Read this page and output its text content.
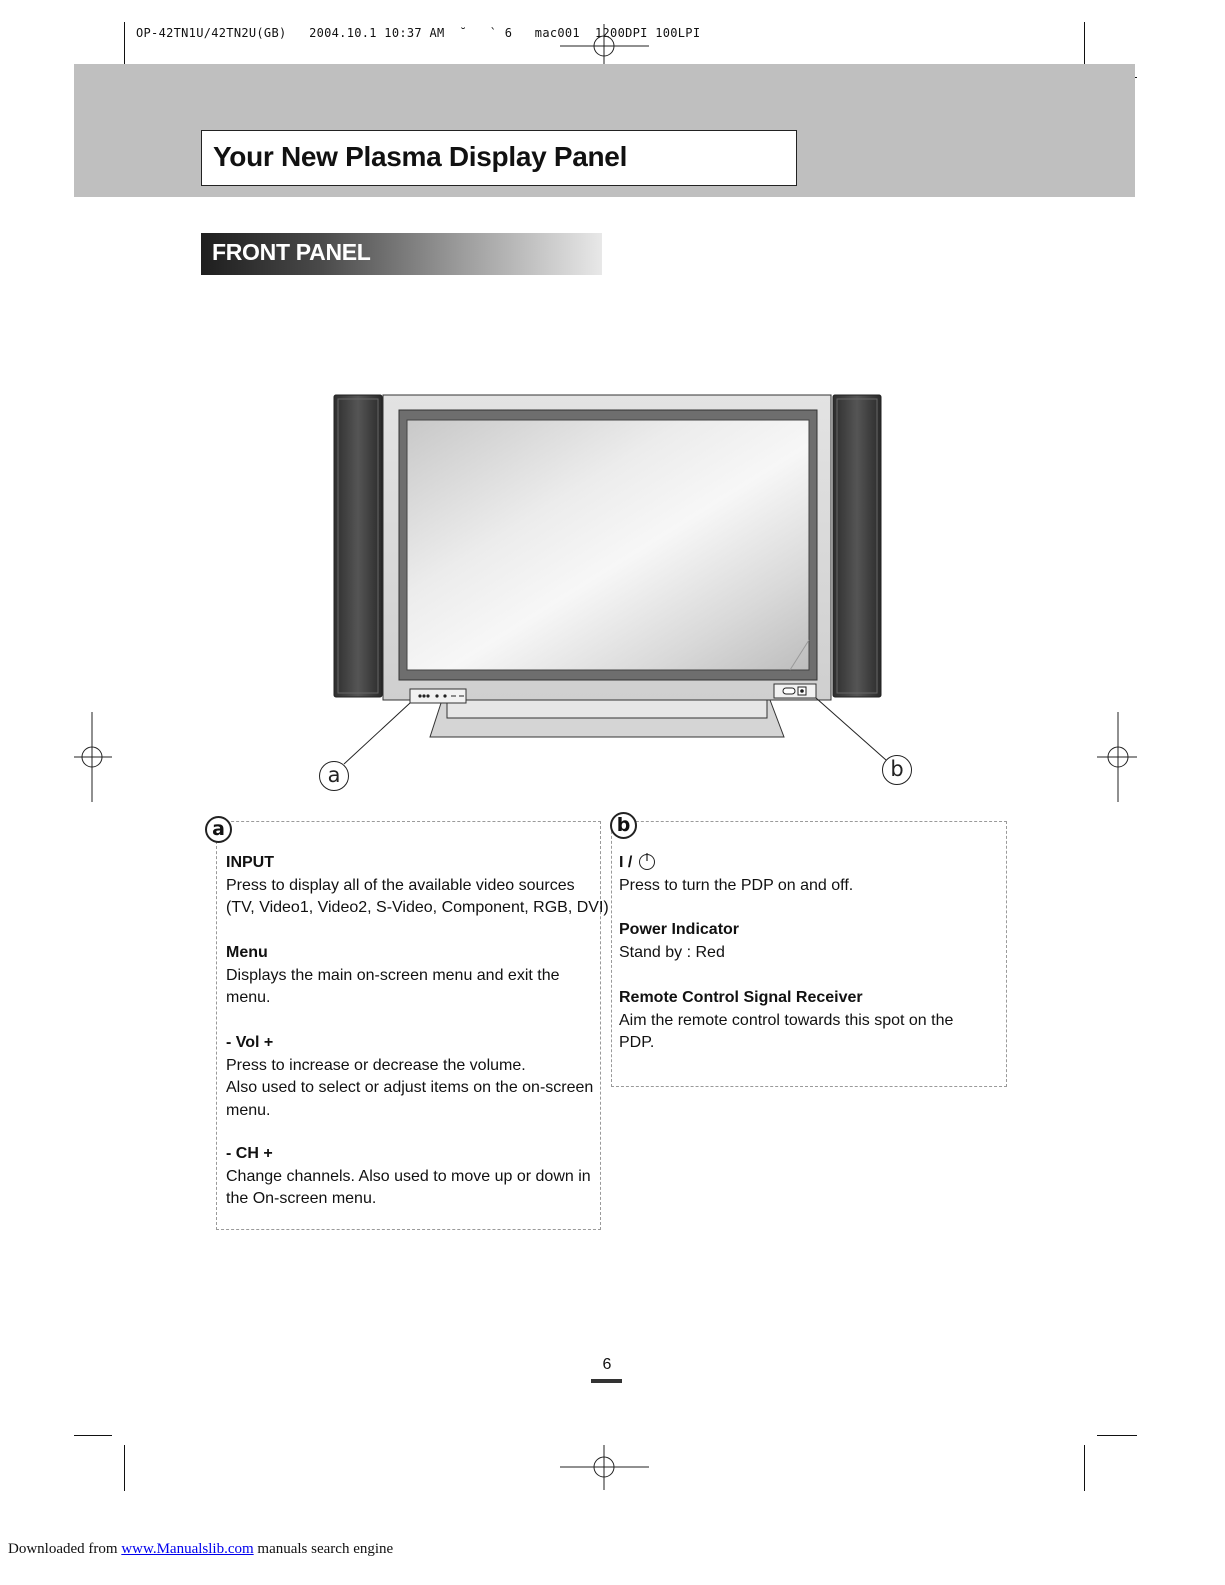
OP-42TN1U/42TN2U(GB)   2004.10.1 10:37 AM  ˘   ` 6   mac001  1200DPI 100LPI
Your New Plasma Display Panel
FRONT PANEL
a	b
a
INPUT
Press to display all of the available video sources
(TV, Video1, Video2, S-Video, Component, RGB, DVI)
Menu
Displays the main on-screen menu and exit the
menu.
- Vol +
Press to increase or decrease the volume.
Also used to select or adjust items on the on-screen
menu.
- CH +
Change channels. Also used to move up or down in
the On-screen menu.
b
I /
Press to turn the PDP on and off.
Power Indicator
Stand by : Red
Remote Control Signal Receiver
Aim the remote control towards this spot on the
PDP.
6
Downloaded from www.Manualslib.com manuals search engine
